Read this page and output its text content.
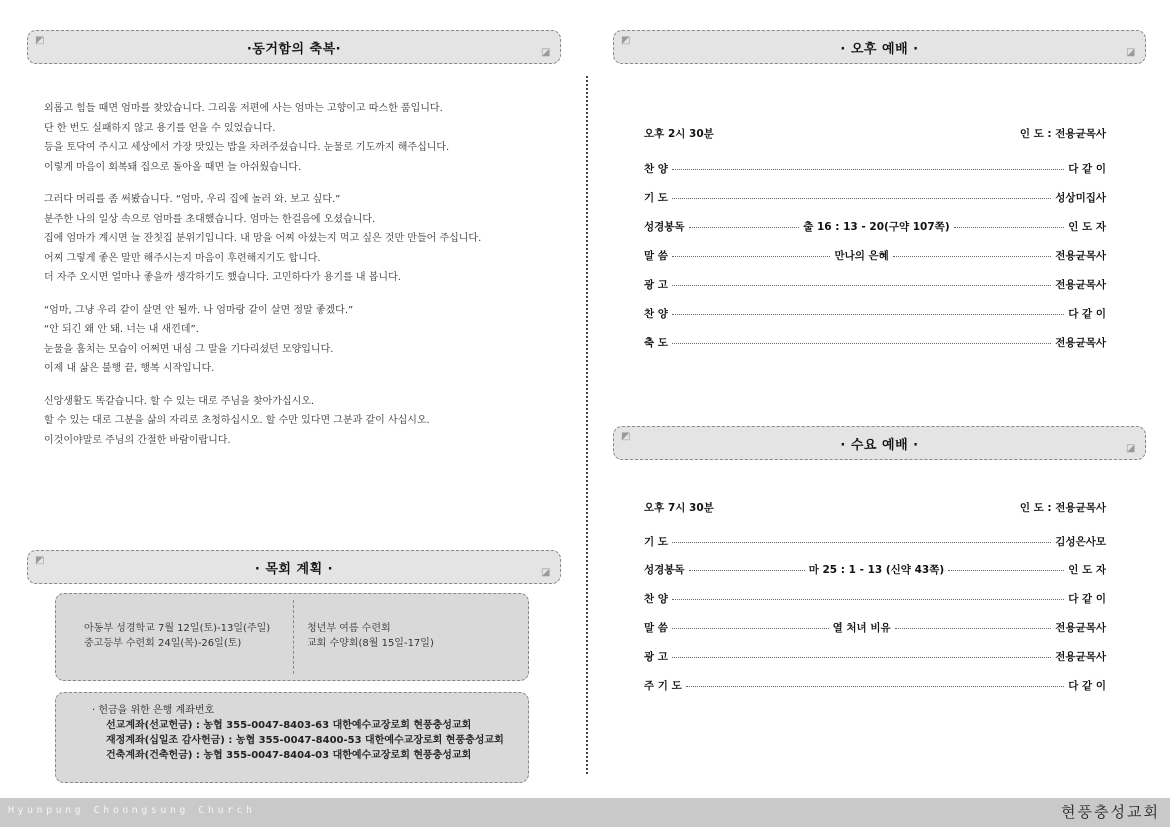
◩
·동거함의 축복·	◪

외롭고 힘들 때면 엄마를 찾았습니다. 그리움 저편에 사는 엄마는 고향이고 따스한 품입니다.
단 한 번도 실패하지 않고 용기를 얻을 수 있었습니다.
등을 토닥여 주시고 세상에서 가장 맛있는 밥을 차려주셨습니다. 눈물로 기도까지 해주십니다.
이렇게 마음이 회복돼 집으로 돌아올 때면 늘 아쉬웠습니다.

그러다 머리를 좀 써봤습니다. “엄마, 우리 집에 놀러 와. 보고 싶다.”
분주한 나의 일상 속으로 엄마를 초대했습니다. 엄마는 한걸음에 오셨습니다.
집에 엄마가 계시면 늘 잔칫집 분위기입니다. 내 맘을 어찌 아셨는지 먹고 싶은 것만 만들어 주십니다.
어찌 그렇게 좋은 말만 해주시는지 마음이 후련해지기도 합니다.
더 자주 오시면 얼마나 좋을까 생각하기도 했습니다. 고민하다가 용기를 내 봅니다.

“엄마, 그냥 우리 같이 살면 안 될까. 나 엄마랑 같이 살면 정말 좋겠다.”
“안 되긴 왜 안 돼. 너는 내 새낀데”.
눈물을 훔치는 모습이 어쩌면 내심 그 말을 기다리셨던 모양입니다.
이제 내 삶은 불행 끝, 행복 시작입니다.

신앙생활도 똑같습니다. 할 수 있는 대로 주님을 찾아가십시오.
할 수 있는 대로 그분을 삶의 자리로 초청하십시오. 할 수만 있다면 그분과 같이 사십시오.
이것이야말로 주님의 간절한 바람이랍니다.

◩
· 목회 계획 ·	◪
아동부 성경학교 7월 12일(토)-13일(주일)
중고등부 수련회 24일(목)-26일(토)
청년부 여름 수련회
교회 수양회(8월 15일-17일)
· 헌금을 위한 은행 계좌번호
선교계좌(선교헌금) : 농협 355-0047-8403-63 대한예수교장로회 현풍충성교회
재정계좌(십일조 감사헌금) : 농협 355-0047-8400-53 대한예수교장로회 현풍충성교회
건축계좌(건축헌금) : 농협 355-0047-8404-03 대한예수교장로회 현풍충성교회
◩
· 오후 예배 ·	◪
오후 2시 30분	인 도 : 전용균목사
찬 양	다 같 이
기 도	성상미집사
성경봉독	출 16 : 13 - 20(구약 107쪽)	인 도 자
말 씀	만나의 은혜	전용균목사
광 고	전용균목사
찬 양	다 같 이
축 도	전용균목사
◩
· 수요 예배 ·	◪
오후 7시 30분	인 도 : 전용균목사
기 도	김성은사모
성경봉독	마 25 : 1 - 13 (신약 43쪽)	인 도 자
찬 양	다 같 이
말 씀	열 처녀 비유	전용균목사
광 고	전용균목사
주 기 도	다 같 이
Hyunpung Choongsung Church	현풍충성교회
